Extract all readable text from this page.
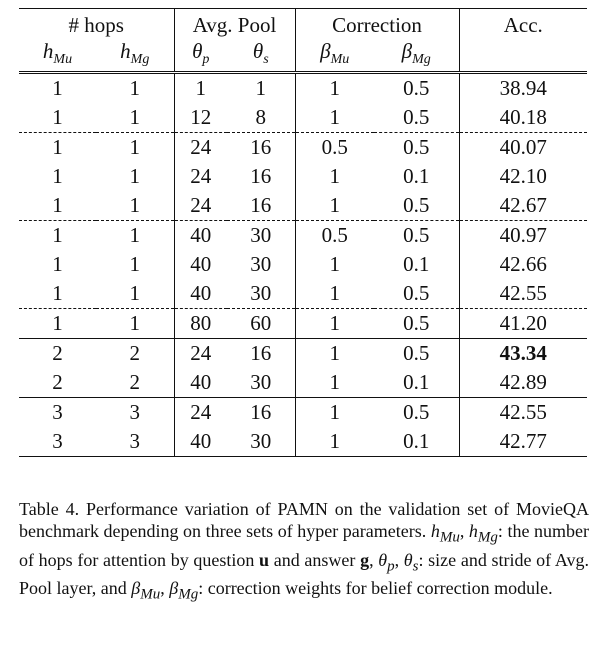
# hops		Avg. Pool		Correction		Acc.
$h_{Mu}$	$h_{Mg}$	$\theta_p$	$\theta_s$	$\beta_{Mu}$	$\beta_{Mg}$	
1	1	1	1	1	0.5	38.94
1	1	12	8	1	0.5	40.18
1	1	24	16	0.5	0.5	40.07
1	1	24	16	1	0.1	42.10
1	1	24	16	1	0.5	42.67
1	1	40	30	0.5	0.5	40.97
1	1	40	30	1	0.1	42.66
1	1	40	30	1	0.5	42.55
1	1	80	60	1	0.5	41.20
2	2	24	16	1	0.5	43.34
2	2	40	30	1	0.1	42.89
3	3	24	16	1	0.5	42.55
3	3	40	30	1	0.1	42.77
Table 4. Performance variation of PAMN on the validation set of MovieQA benchmark depending on three sets of hyper parameters. $h_{Mu}$, $h_{Mg}$: the number of hops for attention by question u and answer g, $\theta_p$, $\theta_s$: size and stride of Avg. Pool layer, and $\beta_{Mu}$, $\beta_{Mg}$: correction weights for belief correction module.
